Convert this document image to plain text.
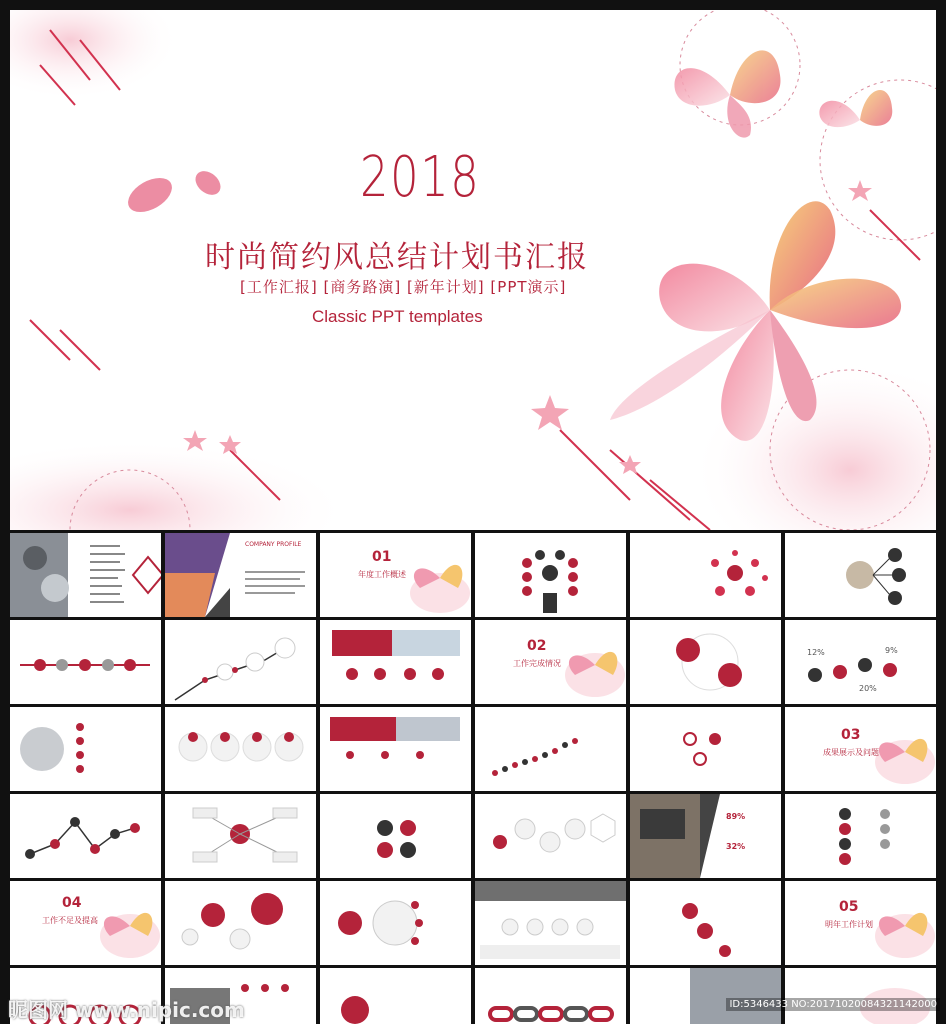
2018
时尚简约风总结计划书汇报
[工作汇报] [商务路演] [新年计划] [PPT演示]
Classic PPT templates
COMPANY PROFILE
01
年度工作概述
02
工作完成情况
12%	9%
20%
03
成果展示及问题
89%
32%
04
工作不足及提高
05
明年工作计划
昵图网 www.nipic.com	ID:5346433 NO:20171020084321142000
